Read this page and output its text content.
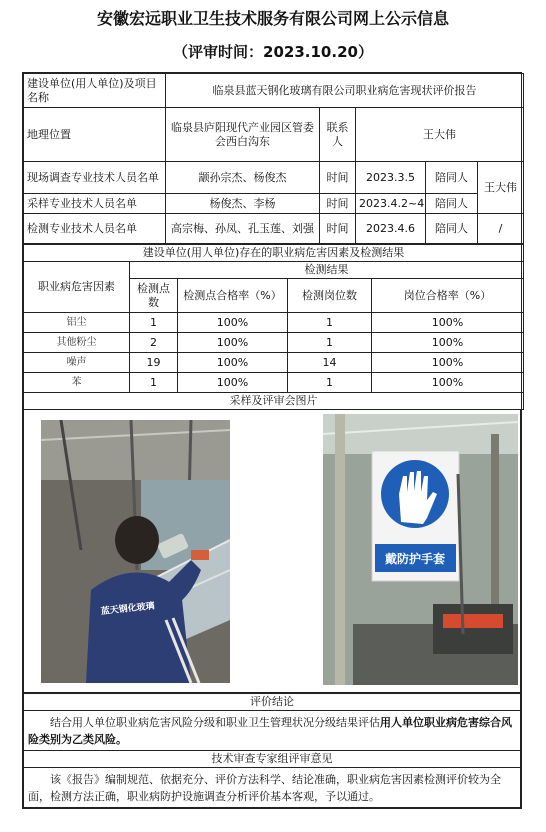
安徽宏远职业卫生技术服务有限公司网上公示信息
（评审时间：2023.10.20）
建设单位(用人单位)及项目名称	临泉县蓝天钢化玻璃有限公司职业病危害现状评价报告				
地理位置	临泉县庐阳现代产业园区管委会西白沟东	联系人	王大伟		
现场调查专业技术人员名单	颛孙宗杰、杨俊杰	时间	2023.3.5	陪同人	王大伟
采样专业技术人员名单	杨俊杰、李杨	时间	2023.4.2~4	陪同人	
检测专业技术人员名单	高宗梅、孙凤、孔玉莲、刘强	时间	2023.4.6	陪同人	/
建设单位(用人单位)存在的职业病危害因素及检测结果				
职业病危害因素	检测结果			
	检测点数	检测点合格率（%）	检测岗位数	岗位合格率（%）
铝尘	1	100%	1	100%
其他粉尘	2	100%	1	100%
噪声	19	100%	14	100%
苯	1	100%	1	100%
采样及评审会图片				
蓝天钢化玻璃
戴防护手套
评价结论
结合用人单位职业病危害风险分级和职业卫生管理状况分级结果评估用人单位职业病危害综合风险类别为乙类风险。
技术审查专家组评审意见
该《报告》编制规范、依据充分、评价方法科学、结论准确，职业病危害因素检测评价较为全面，检测方法正确，职业病防护设施调查分析评价基本客观，予以通过。
